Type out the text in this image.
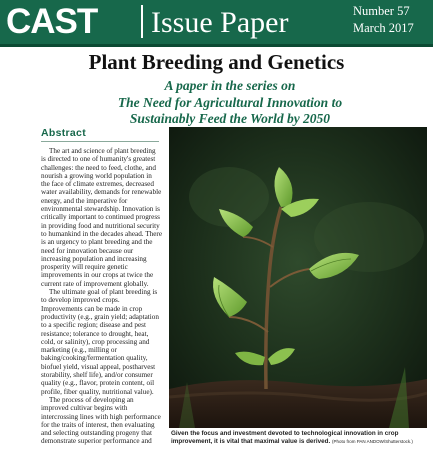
CAST Issue Paper	Number 57
March 2017
Plant Breeding and Genetics
A paper in the series on
The Need for Agricultural Innovation to
Sustainably Feed the World by 2050
Abstract

The art and science of plant breeding is directed to one of humanity's greatest challenges: the need to feed, clothe, and nourish a growing world population in the face of climate extremes, decreased water availability, demands for renewable energy, and the imperative for environmental stewardship. Innovation is critically important to continued progress in providing food and nutritional security to humankind in the decades ahead. There is an urgency to plant breeding and the need for innovation because our increasing population and increasing prosperity will require genetic improvements in our crops at twice the current rate of improvement globally.

The ultimate goal of plant breeding is to develop improved crops. Improvements can be made in crop productivity (e.g., grain yield; adaptation to a specific region; disease and pest resistance; tolerance to drought, heat, cold, or salinity), crop processing and marketing (e.g., milling or baking/cooking/fermentation quality, biofuel yield, visual appeal, postharvest storability, shelf life), and/or consumer quality (e.g., flavor, protein content, oil profile, fiber quality, nutritional value).

The process of developing an improved cultivar begins with intercrossing lines with high performance for the traits of interest, then evaluating and selecting outstanding progeny that demonstrate superior performance and

Given the focus and investment devoted to technological innovation in crop improvement, it is vital that maximal value is derived. (Photo from PAN ANDOW/Shutterstock.)
